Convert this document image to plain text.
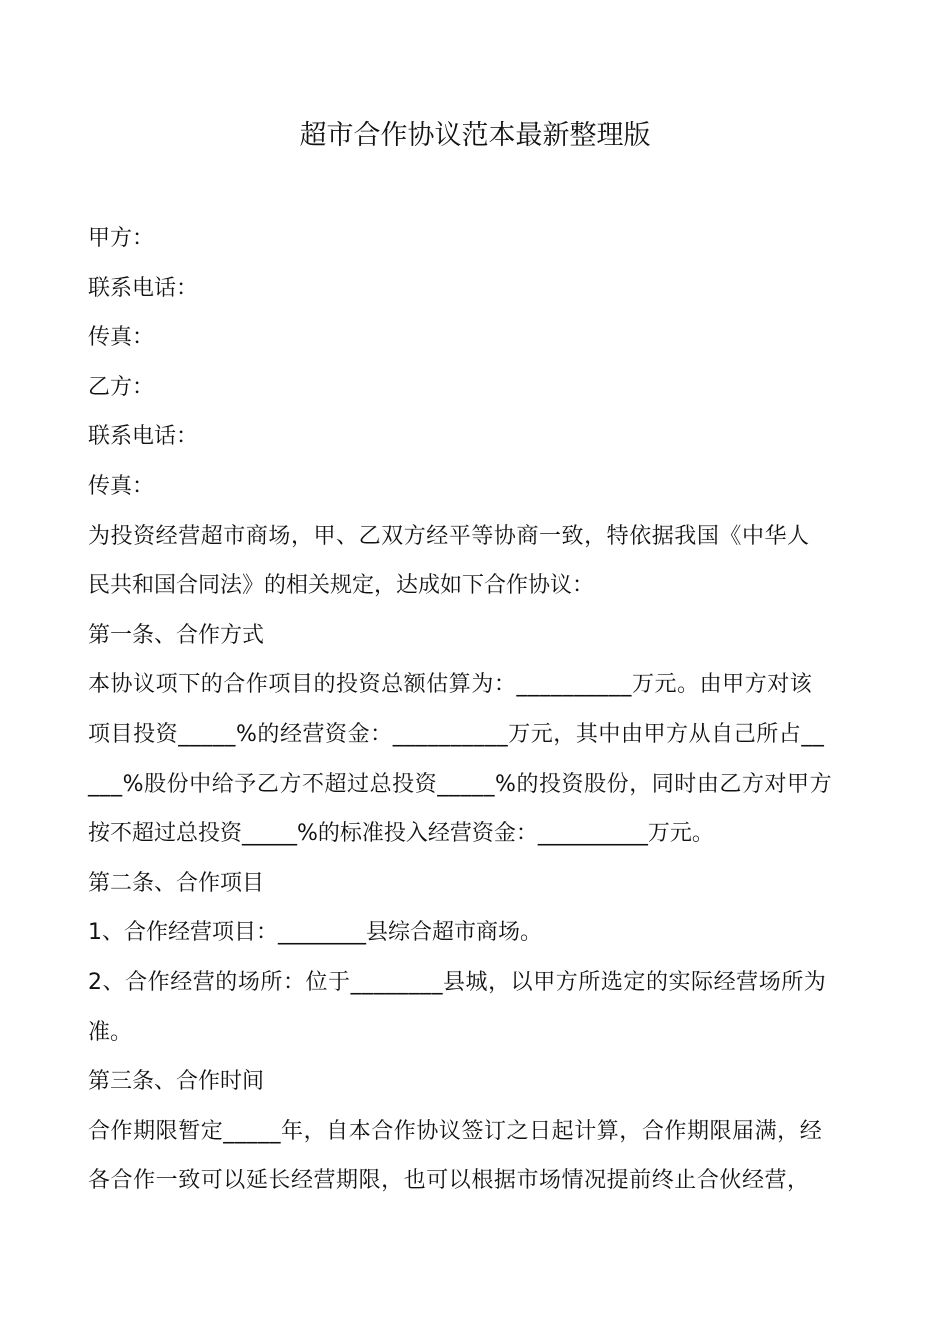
超市合作协议范本最新整理版
甲方：
联系电话：
传真：
乙方：
联系电话：
传真：
为投资经营超市商场，甲、乙双方经平等协商一致，特依据我国《中华人
民共和国合同法》的相关规定，达成如下合作协议：
第一条、合作方式
本协议项下的合作项目的投资总额估算为：__________万元。由甲方对该
项目投资_____%的经营资金：__________万元，其中由甲方从自己所占__
___%股份中给予乙方不超过总投资_____%的投资股份，同时由乙方对甲方
按不超过总投资_____%的标准投入经营资金：__________万元。
第二条、合作项目
1、合作经营项目：________县综合超市商场。
2、合作经营的场所：位于________县城，以甲方所选定的实际经营场所为
准。
第三条、合作时间
合作期限暂定_____年，自本合作协议签订之日起计算，合作期限届满，经
各合作一致可以延长经营期限，也可以根据市场情况提前终止合伙经营，
